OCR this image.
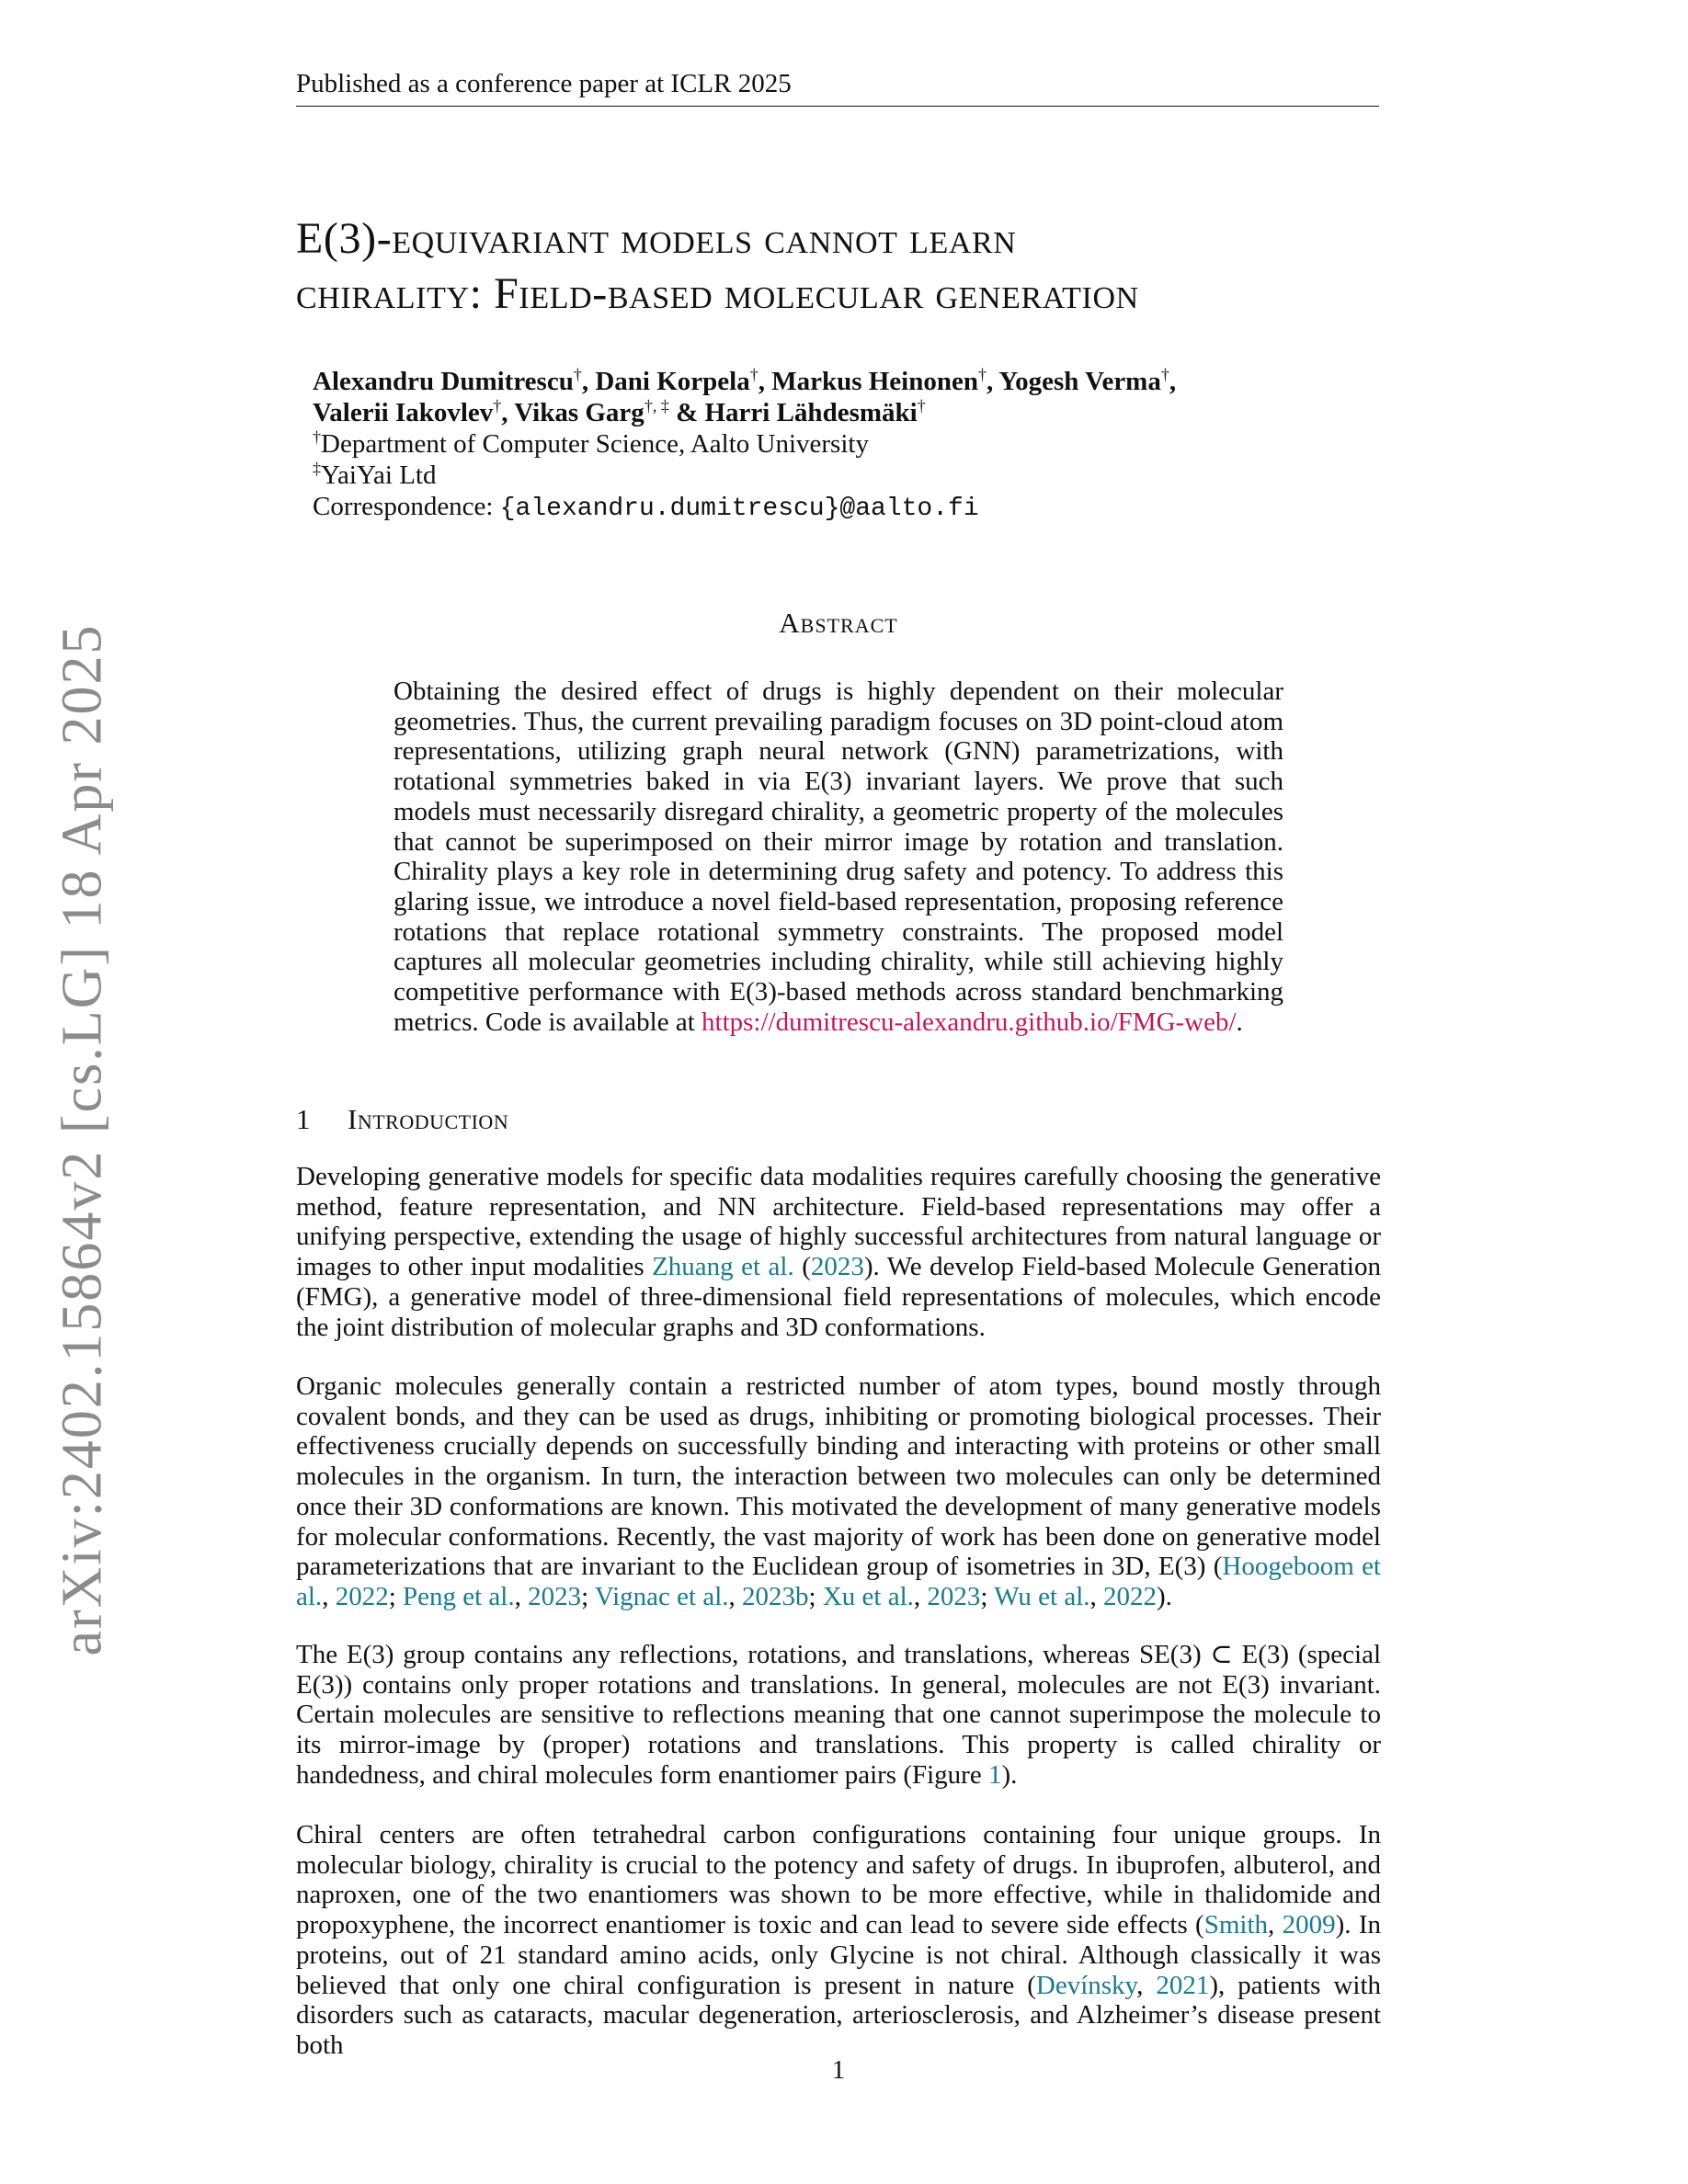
Published as a conference paper at ICLR 2025
E(3)-equivariant models cannot learn
chirality: Field-based molecular generation
Alexandru Dumitrescu†, Dani Korpela†, Markus Heinonen†, Yogesh Verma†,
Valerii Iakovlev†, Vikas Garg†, ‡ & Harri Lähdesmäki†
†Department of Computer Science, Aalto University
‡YaiYai Ltd
Correspondence: {alexandru.dumitrescu}@aalto.fi
Abstract

Obtaining the desired effect of drugs is highly dependent on their molecular geometries. Thus, the current prevailing paradigm focuses on 3D point-cloud atom representations, utilizing graph neural network (GNN) parametrizations, with rotational symmetries baked in via E(3) invariant layers. We prove that such models must necessarily disregard chirality, a geometric property of the molecules that cannot be superimposed on their mirror image by rotation and translation. Chirality plays a key role in determining drug safety and potency. To address this glaring issue, we introduce a novel field-based representation, proposing reference rotations that replace rotational symmetry constraints. The proposed model captures all molecular geometries including chirality, while still achieving highly competitive performance with E(3)-based methods across standard benchmarking metrics. Code is available at https://dumitrescu-alexandru.github.io/FMG-web/.

1 Introduction

Developing generative models for specific data modalities requires carefully choosing the generative method, feature representation, and NN architecture. Field-based representations may offer a unifying perspective, extending the usage of highly successful architectures from natural language or images to other input modalities Zhuang et al. (2023). We develop Field-based Molecule Generation (FMG), a generative model of three-dimensional field representations of molecules, which encode the joint distribution of molecular graphs and 3D conformations.

Organic molecules generally contain a restricted number of atom types, bound mostly through covalent bonds, and they can be used as drugs, inhibiting or promoting biological processes. Their effectiveness crucially depends on successfully binding and interacting with proteins or other small molecules in the organism. In turn, the interaction between two molecules can only be determined once their 3D conformations are known. This motivated the development of many generative models for molecular conformations. Recently, the vast majority of work has been done on generative model parameterizations that are invariant to the Euclidean group of isometries in 3D, E(3) (Hoogeboom et al., 2022; Peng et al., 2023; Vignac et al., 2023b; Xu et al., 2023; Wu et al., 2022).

The E(3) group contains any reflections, rotations, and translations, whereas SE(3) ⊂ E(3) (special E(3)) contains only proper rotations and translations. In general, molecules are not E(3) invariant. Certain molecules are sensitive to reflections meaning that one cannot superimpose the molecule to its mirror-image by (proper) rotations and translations. This property is called chirality or handedness, and chiral molecules form enantiomer pairs (Figure 1).

Chiral centers are often tetrahedral carbon configurations containing four unique groups. In molecular biology, chirality is crucial to the potency and safety of drugs. In ibuprofen, albuterol, and naproxen, one of the two enantiomers was shown to be more effective, while in thalidomide and propoxyphene, the incorrect enantiomer is toxic and can lead to severe side effects (Smith, 2009). In proteins, out of 21 standard amino acids, only Glycine is not chiral. Although classically it was believed that only one chiral configuration is present in nature (Devínsky, 2021), patients with disorders such as cataracts, macular degeneration, arteriosclerosis, and Alzheimer’s disease present both

1
arXiv:2402.15864v2 [cs.LG] 18 Apr 2025
